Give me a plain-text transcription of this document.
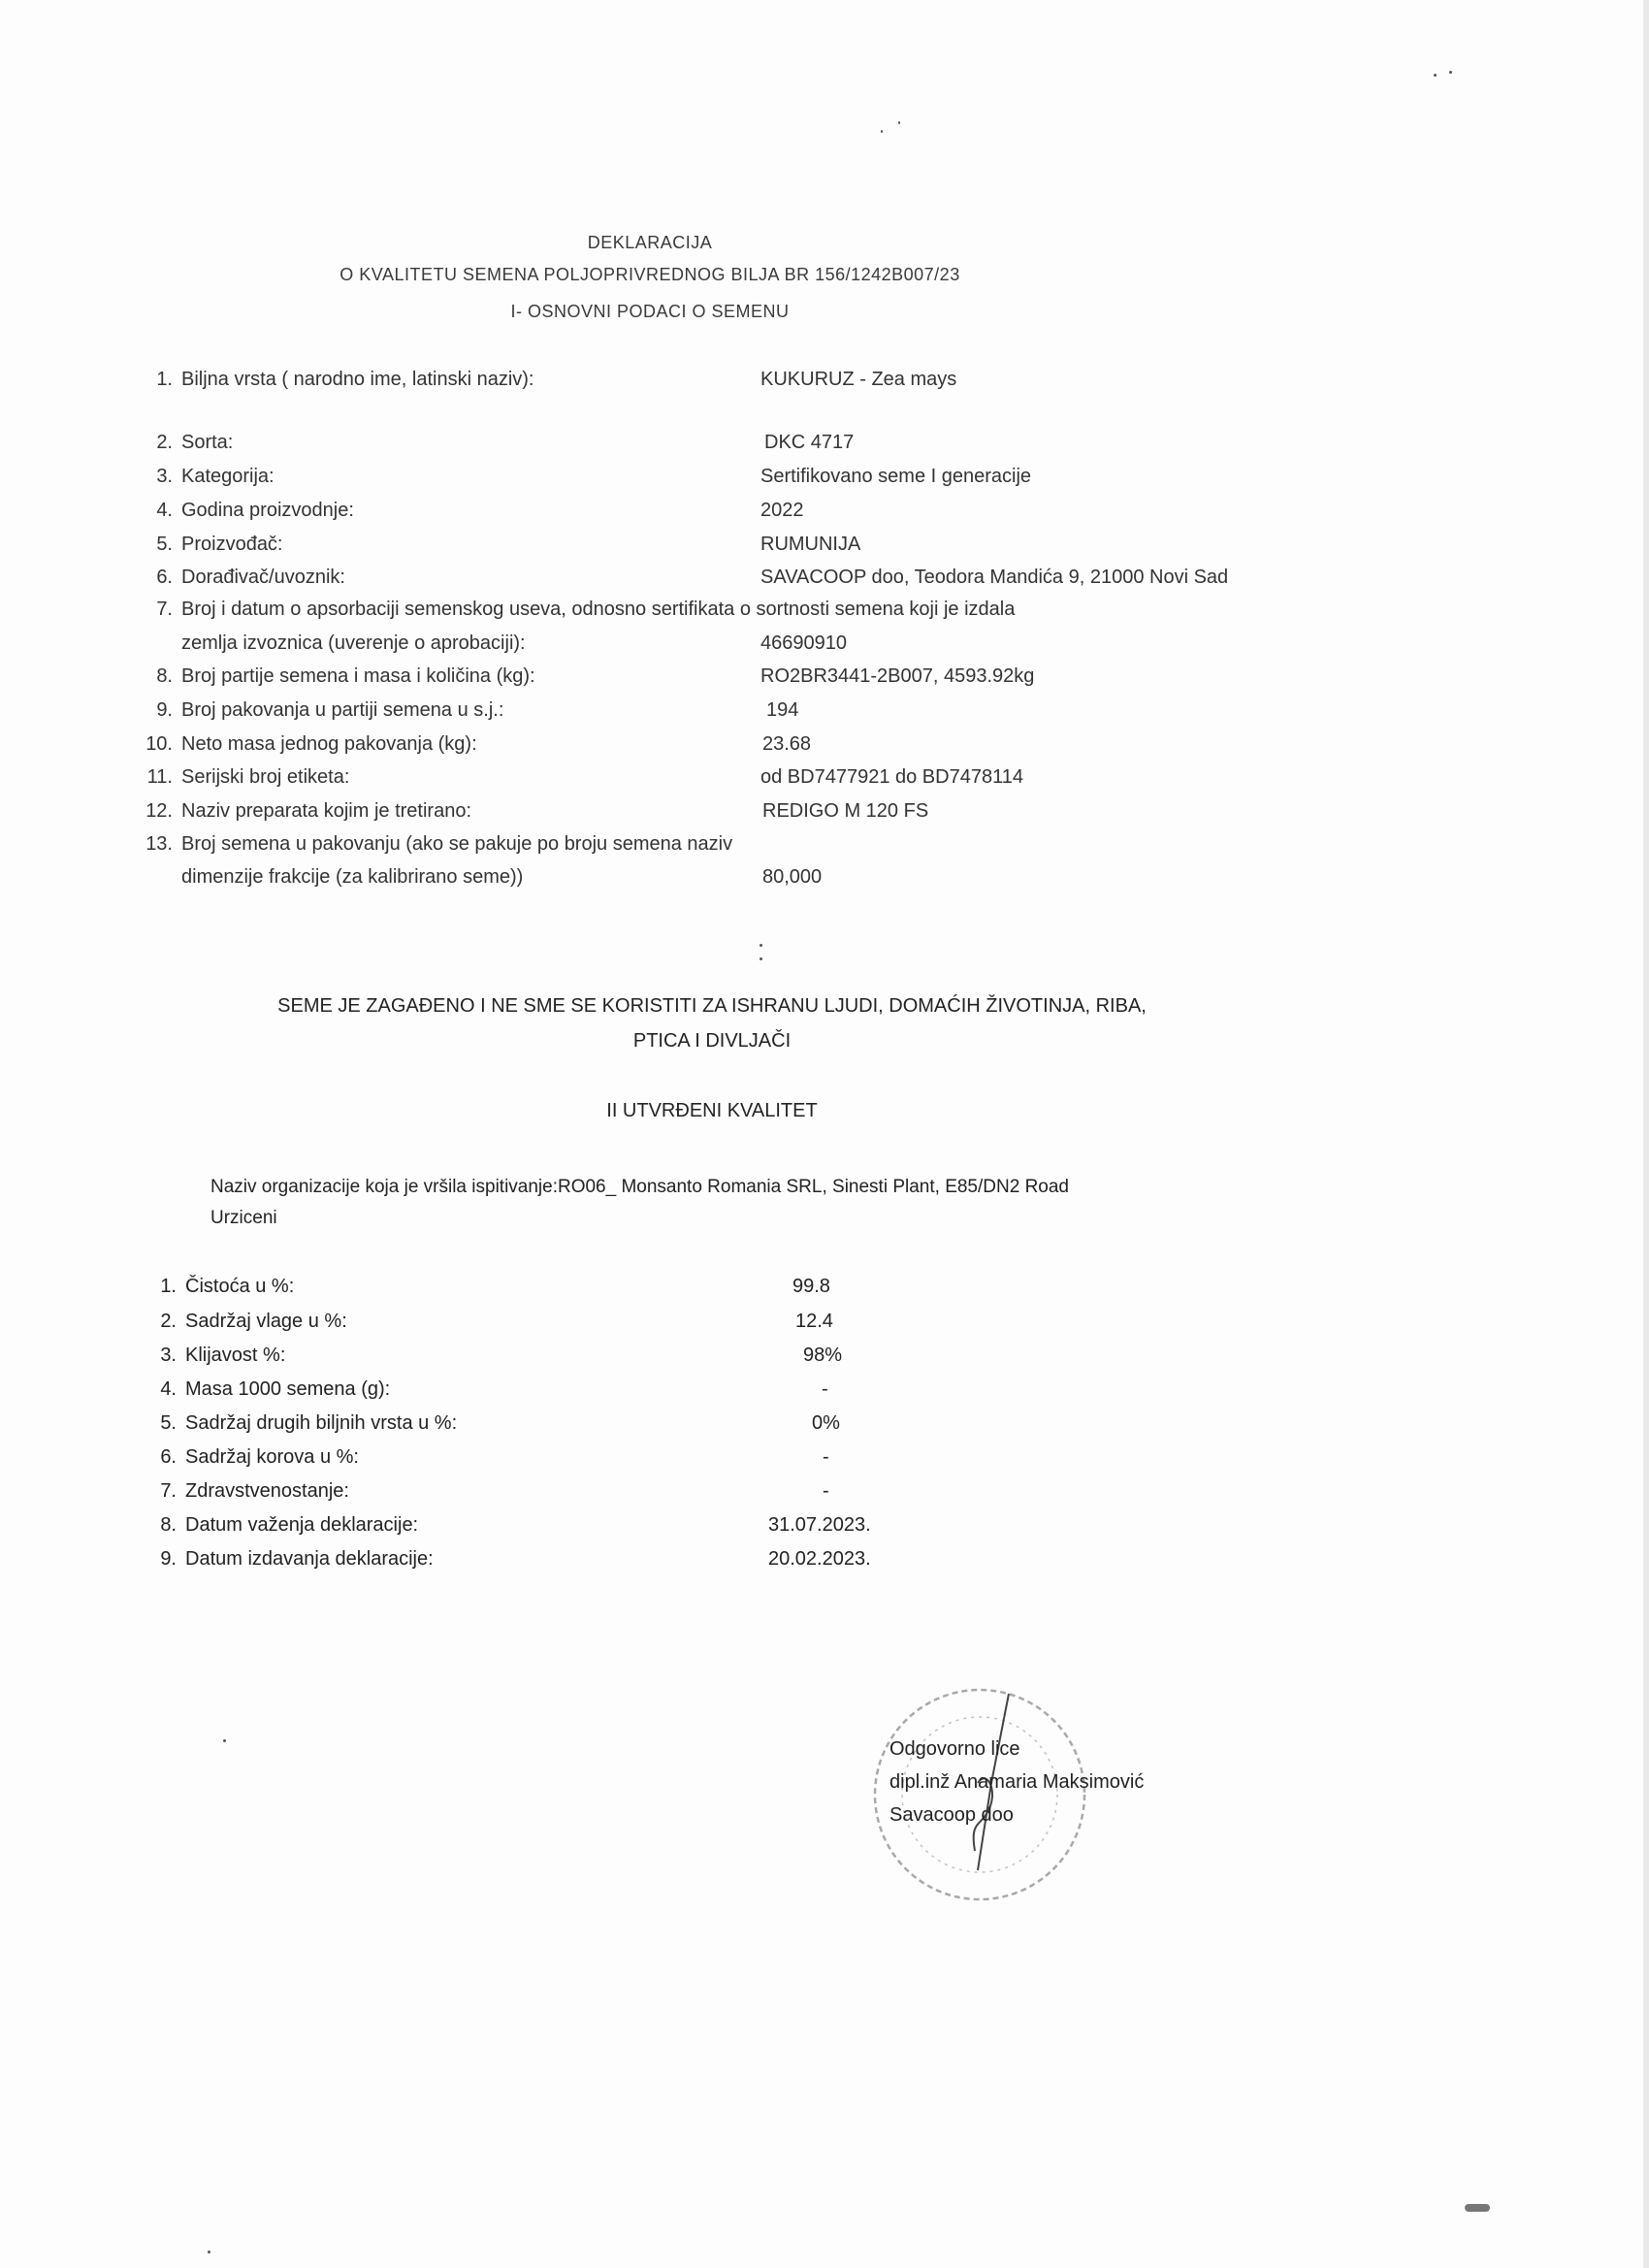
DEKLARACIJA
O KVALITETU SEMENA POLJOPRIVREDNOG BILJA BR 156/1242B007/23
I- OSNOVNI PODACI O SEMENU
1. Biljna vrsta ( narodno ime, latinski naziv):	KUKURUZ - Zea mays
2. Sorta:	DKC 4717
3. Kategorija:	Sertifikovano seme I generacije
4. Godina proizvodnje:	2022
5. Proizvođač:	RUMUNIJA
6. Dorađivač/uvoznik:	SAVACOOP doo, Teodora Mandića 9, 21000 Novi Sad
7. Broj i datum o apsorbaciji semenskog useva, odnosno sertifikata o sortnosti semena koji je izdala
zemlja izvoznica (uverenje o aprobaciji):	46690910
8. Broj partije semena i masa i količina (kg):	RO2BR3441-2B007, 4593.92kg
9. Broj pakovanja u partiji semena u s.j.:	194
10. Neto masa jednog pakovanja (kg):	23.68
11. Serijski broj etiketa:	od BD7477921 do BD7478114
12. Naziv preparata kojim je tretirano:	REDIGO M 120 FS
13. Broj semena u pakovanju (ako se pakuje po broju semena naziv
dimenzije frakcije (za kalibrirano seme))	80,000
SEME JE ZAGAĐENO I NE SME SE KORISTITI ZA ISHRANU LJUDI, DOMAĆIH ŽIVOTINJA, RIBA,
PTICA I DIVLJAČI
II UTVRĐENI KVALITET
Naziv organizacije koja je vršila ispitivanje:RO06_ Monsanto Romania SRL, Sinesti Plant, E85/DN2 Road
Urziceni
1. Čistoća u %:	99.8
2. Sadržaj vlage u %:	12.4
3. Klijavost %:	98%
4. Masa 1000 semena (g):	-
5. Sadržaj drugih biljnih vrsta u %:	0%
6. Sadržaj korova u %:	-
7. Zdravstvenostanje:	-
8. Datum važenja deklaracije:	31.07.2023.
9. Datum izdavanja deklaracije:	20.02.2023.
Odgovorno lice
dipl.inž Anamaria Maksimović
Savacoop doo
